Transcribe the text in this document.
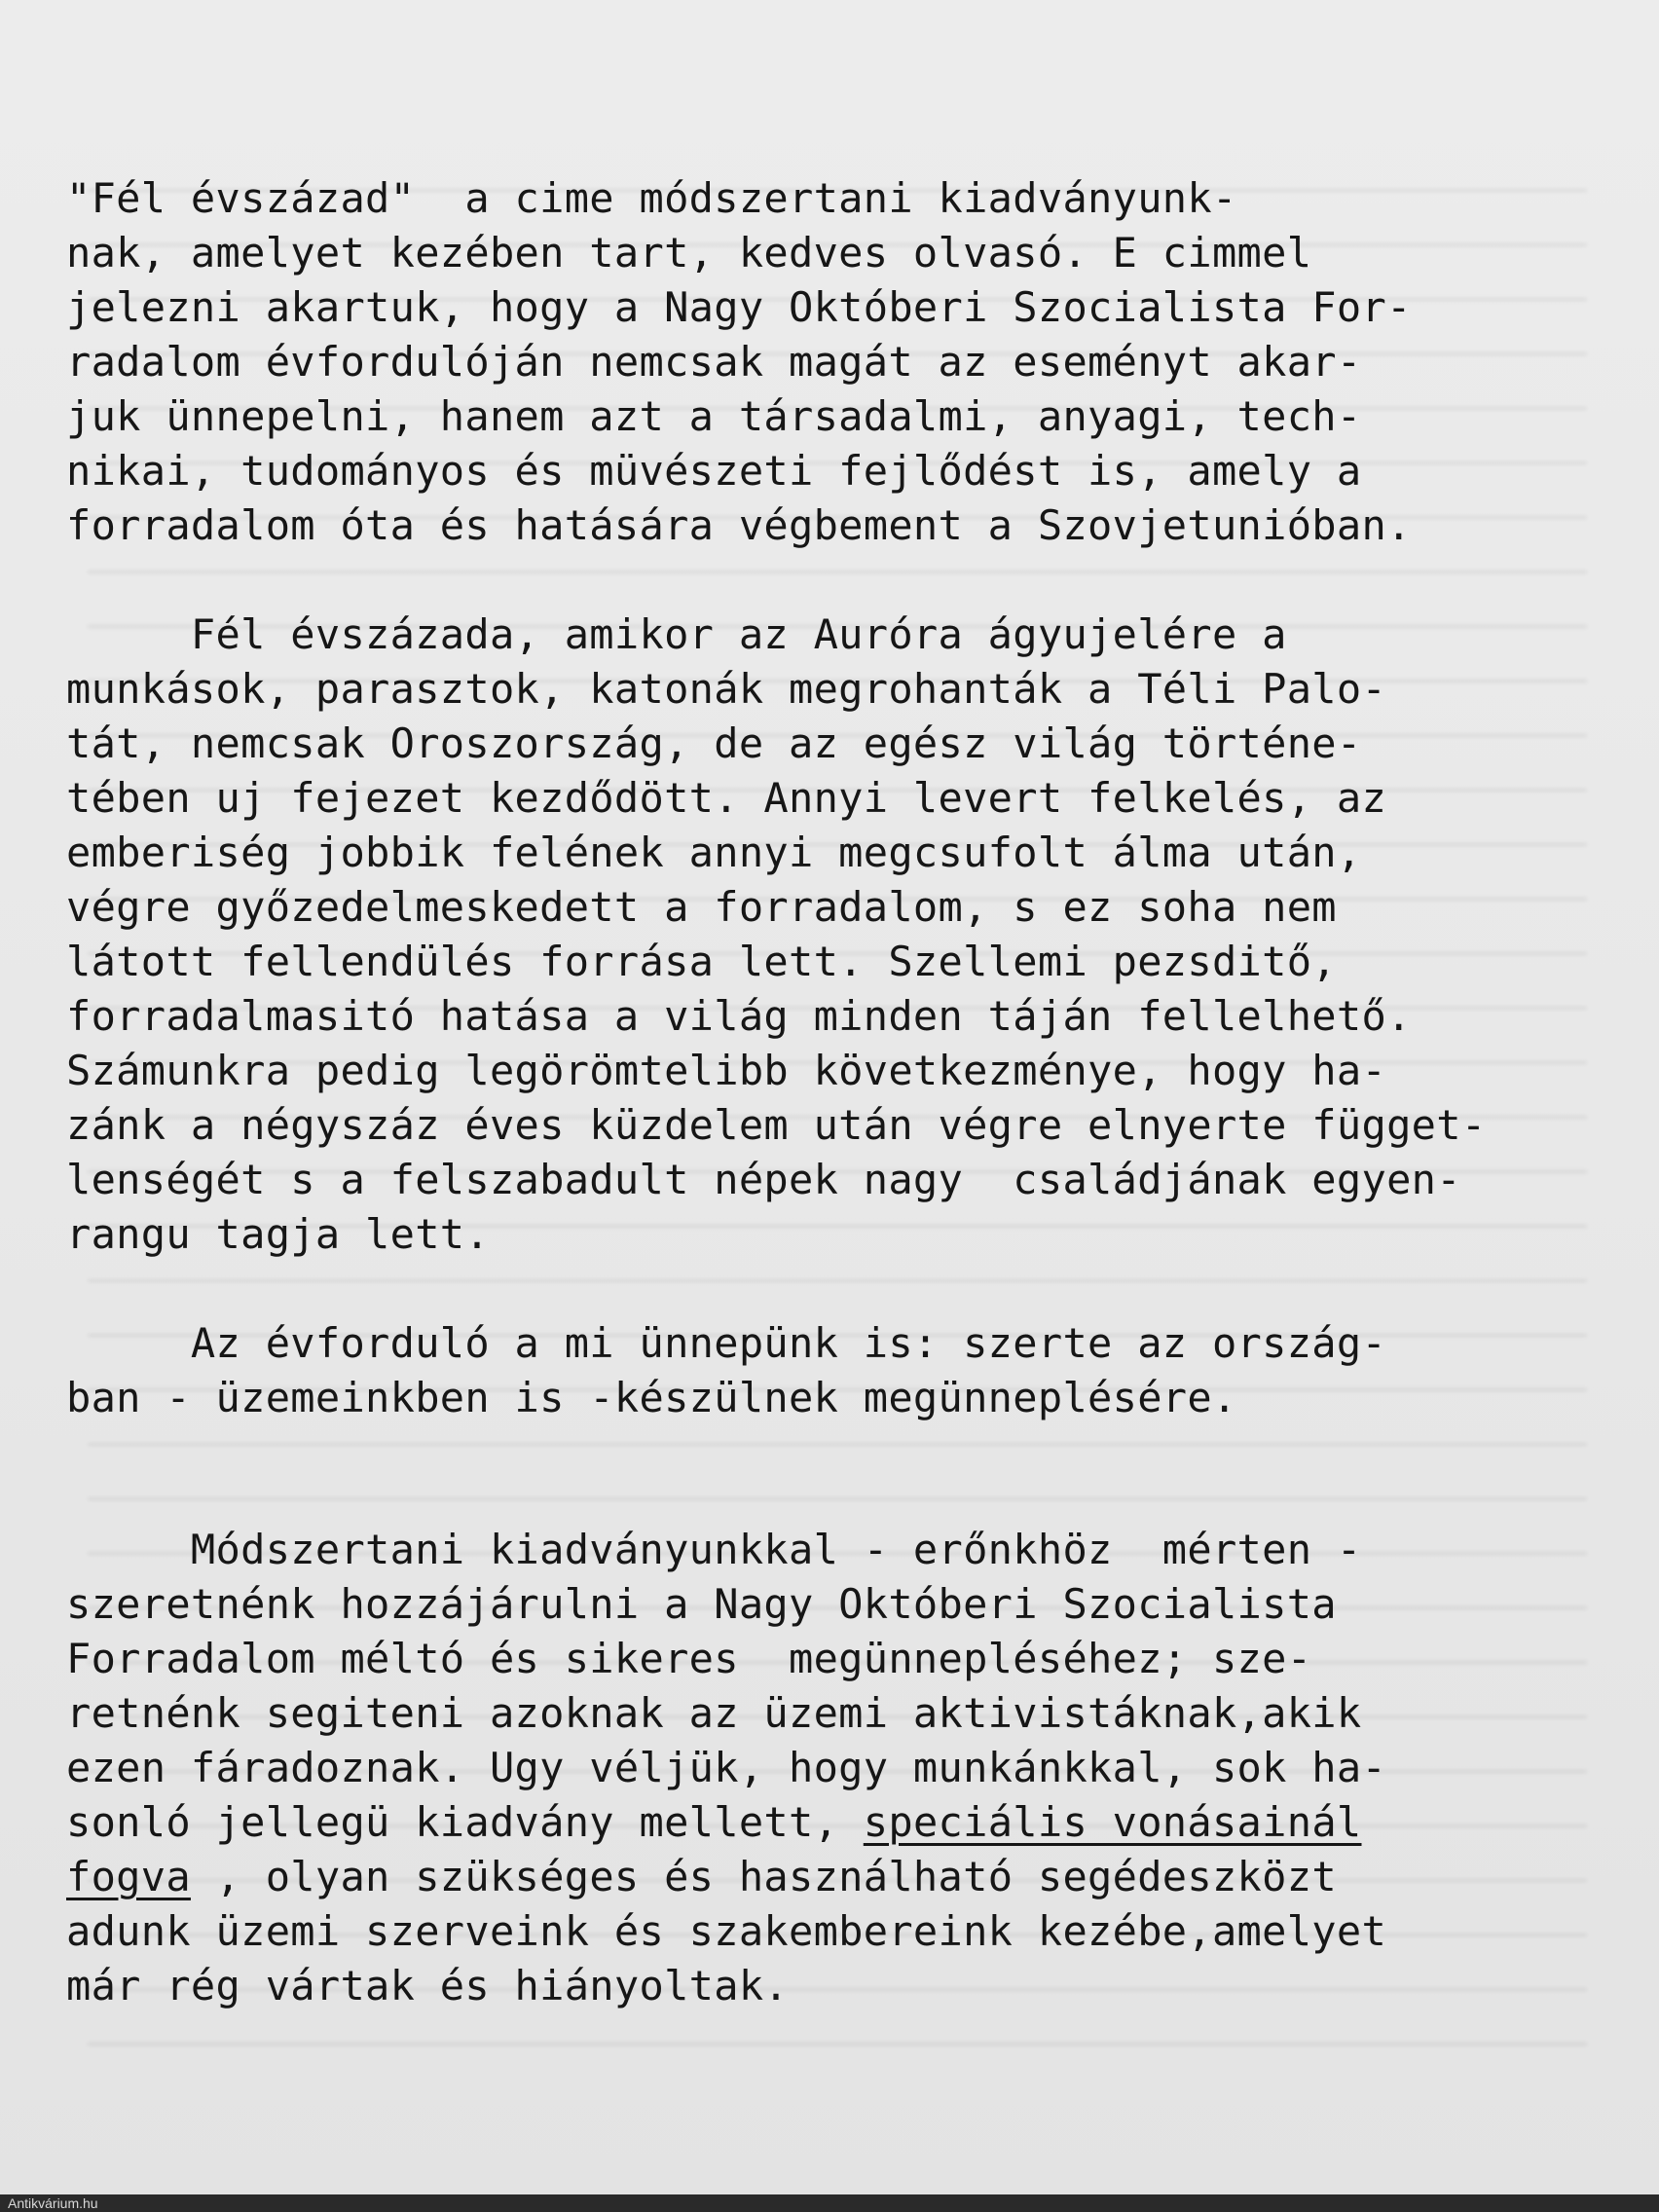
"Fél évszázad"  a cime módszertani kiadványunk-
nak, amelyet kezében tart, kedves olvasó. E cimmel
jelezni akartuk, hogy a Nagy Októberi Szocialista For-
radalom évfordulóján nemcsak magát az eseményt akar-
juk ünnepelni, hanem azt a társadalmi, anyagi, tech-
nikai, tudományos és müvészeti fejlődést is, amely a
forradalom óta és hatására végbement a Szovjetunióban.
Fél évszázada, amikor az Auróra ágyujelére a
munkások, parasztok, katonák megrohanták a Téli Palo-
tát, nemcsak Oroszország, de az egész világ történe-
tében uj fejezet kezdődött. Annyi levert felkelés, az
emberiség jobbik felének annyi megcsufolt álma után,
végre győzedelmeskedett a forradalom, s ez soha nem
látott fellendülés forrása lett. Szellemi pezsditő,
forradalmasitó hatása a világ minden táján fellelhető.
Számunkra pedig legörömtelibb következménye, hogy ha-
zánk a négyszáz éves küzdelem után végre elnyerte függet-
lenségét s a felszabadult népek nagy  családjának egyen-
rangu tagja lett.
Az évforduló a mi ünnepünk is: szerte az ország-
ban - üzemeinkben is -készülnek megünneplésére.
Módszertani kiadványunkkal - erőnkhöz  mérten -
szeretnénk hozzájárulni a Nagy Októberi Szocialista
Forradalom méltó és sikeres  megünnepléséhez; sze-
retnénk segiteni azoknak az üzemi aktivistáknak,akik
ezen fáradoznak. Ugy véljük, hogy munkánkkal, sok ha-
sonló jellegü kiadvány mellett, speciális vonásainál
fogva , olyan szükséges és használható segédeszközt
adunk üzemi szerveink és szakembereink kezébe,amelyet
már rég vártak és hiányoltak.
Antikvárium.hu
